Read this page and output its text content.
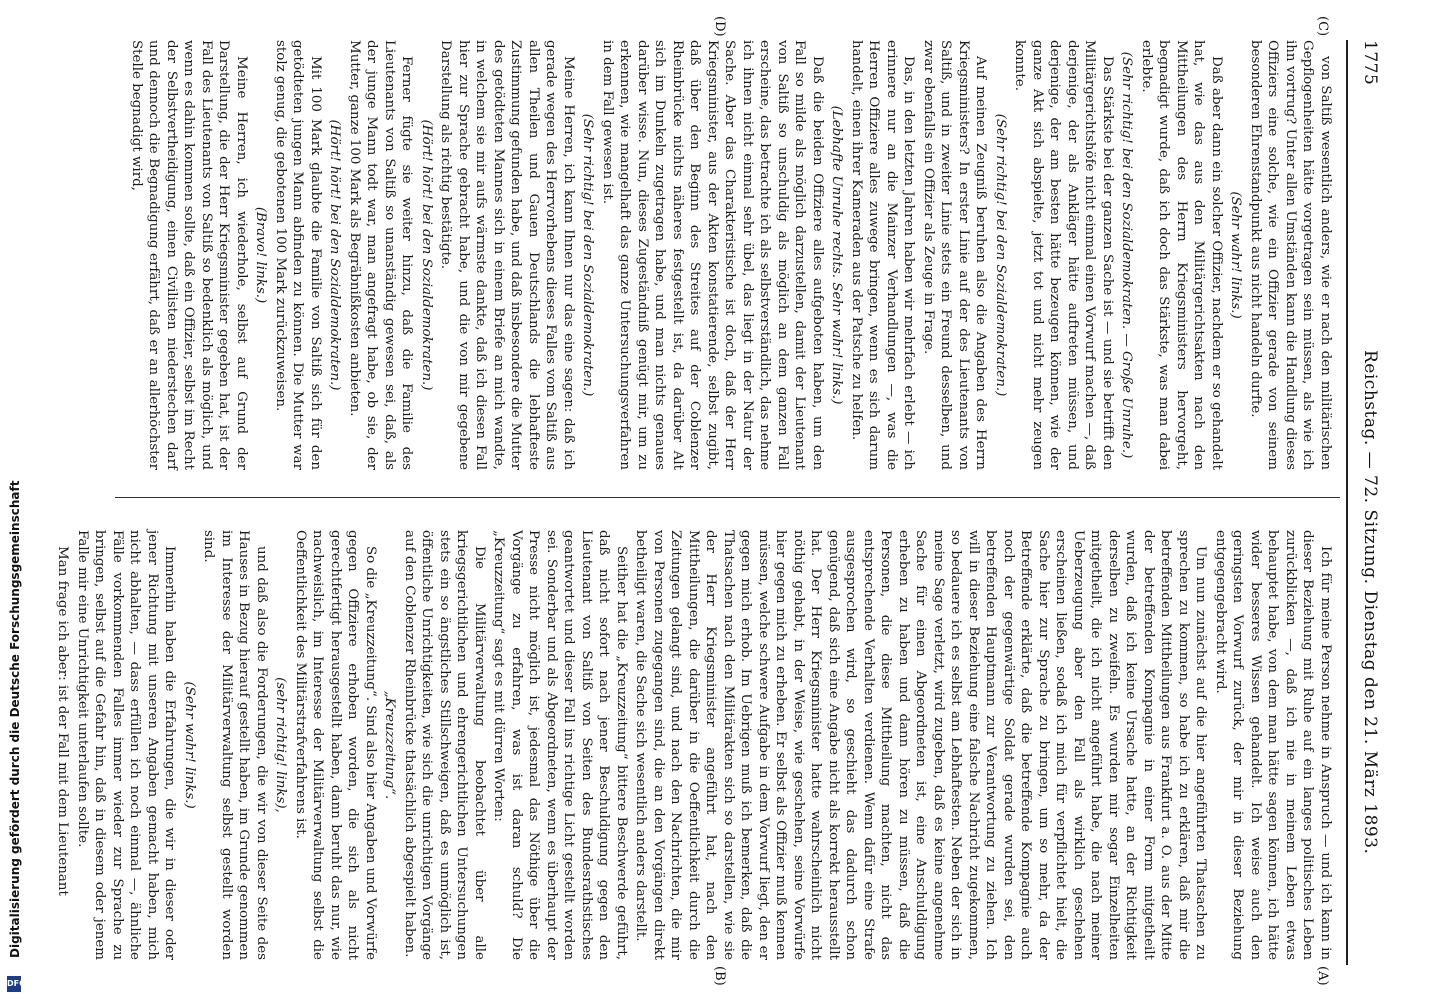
1775
Reichstag. — 72. Sitzung. Dienstag den 21. März 1893.
(C)
(D)
(A)
(B)

von Saltiß wesentlich anders, wie er nach den militärischen Gepflogenheiten hätte vorgetragen sein müssen, als wie ich ihn vortrug? Unter allen Umständen kann die Handlung dieses Offiziers eine solche, wie ein Offizier gerade von seinem besonderen Ehrenstandpunkt aus nicht handeln durfte.

(Sehr wahr! links.)

Daß aber dann ein solcher Offizier, nachdem er so gehandelt hat, wie das aus den Militärgerichtsakten nach den Mittheilungen des Herrn Kriegsministers hervorgeht, begnadigt wurde, daß ich doch das Stärkste, was man dabei erlebte.

(Sehr richtig! bei den Sozialdemokraten. — Große Unruhe.)

Das Stärkste bei der ganzen Sache ist — und sie betrifft den Militärgerichtshöfe nicht einmal einen Vorwurf machen —, daß derjenige, der als Ankläger hätte auftreten müssen, und derjenige, der am besten hätte bezeugen können, wie der ganze Akt sich abspielte, jetzt tot und nicht mehr zeugen konnte.

(Sehr richtig! bei den Sozialdemokraten.)

Auf meinen Zeugniß beruhen also die Angaben des Herrn Kriegsministers? In erster Linie auf der des Lieutenants von Saltiß, und in zweiter Linie stets ein Freund desselben, und zwar ebenfalls ein Offizier als Zeuge in Frage.

Das, in den letzten Jahren haben wir mehrfach erlebt — ich erinnere nur an die Mainzer Verhandlungen —, was die Herren Offiziere alles zuwege bringen, wenn es sich darum handelt, einen ihrer Kameraden aus der Patsche zu helfen.

(Lebhafte Unruhe rechts. Sehr wahr! links.)

Daß die beiden Offiziere alles aufgeboten haben, um den Fall so milde als möglich darzustellen, damit der Lieutenant von Saltiß so unschuldig als möglich an dem ganzen Fall erscheine, das betrachte ich als selbstverständlich, das nehme ich ihnen nicht einmal sehr übel, das liegt in der Natur der Sache. Aber das Charakteristische ist doch, daß der Herr Kriegsminister, aus der Akten konstatierende, selbst zugibt, daß über den Beginn des Streites auf der Coblenzer Rheinbrücke nichts näheres festgestellt ist, da darüber Alt sich im Dunkeln zugetragen habe, und man nichts genaues darüber wisse. Nun, dieses Zugeständniß genügt mir, um zu erkennen, wie mangelhaft das ganze Untersuchungsverfahren in dem Fall gewesen ist.

(Sehr richtig! bei den Sozialdemokraten.)

Meine Herren, ich kann Ihnen nur das eine sagen: daß ich gerade wegen des Herrvorhebens dieses Falles vom Saltiß aus allen Theilen und Gauen Deutschlands die lebhafteste Zustimmung gefunden habe, und daß insbesondere die Mutter des getödteten Mannes sich in einem Briefe an mich wandte, in welchem sie mir aufs wärmste dankte, daß ich diesen Fall hier zur Sprache gebracht habe, und die von mir gegebene Darstellung als richtig bestätigte.

(Hört! hört! bei den Sozialdemokraten.)

Ferner fügte sie weiter hinzu, daß die Familie des Lieutenants von Saltiß so unanständig gewesen sei, daß, als der junge Mann todt war, man angefragt habe, ob sie, der Mutter, ganze 100 Mark als Begräbnißkosten anbieten.

(Hört! hört! bei den Sozialdemokraten.)

Mit 100 Mark glaubte die Familie von Saltiß sich für den getödteten jungen Mann abfinden zu können. Die Mutter war stolz genug, die gebotenen 100 Mark zurückzuweisen.

(Bravo! links.)

Meine Herren, ich wiederhole, selbst auf Grund der Darstellung, die der Herr Kriegsminister gegeben hat, ist der Fall des Lieutenants von Saltiß so bedenklich als möglich, und wenn es dahin kommen sollte, daß ein Offizier, selbst im Recht der Selbstvertheidigung, einen Civilisten niederstechen darf und dennoch die Begnadigung erfährt, daß er an allerhöchster Stelle begnadigt wird,

Ich für meine Person nehme in Anspruch — und ich kann in dieser Beziehung mit Ruhe auf ein langes politisches Leben zurückblicken —, daß ich nie in meinem Leben etwas behauptet habe, von dem man hätte sagen können, ich hätte wider besseres Wissen gehandelt. Ich weise auch den geringsten Vorwurf zurück, der mir in dieser Beziehung entgegengebracht wird.

Um nun zunächst auf die hier angeführten Thatsachen zu sprechen zu kommen, so habe ich zu erklären, daß mir die betreffenden Mittheilungen aus Frankfurt a. O. aus der Mitte der betreffenden Kompagnie in einer Form mitgetheilt wurden, daß ich keine Ursache hatte, an der Richtigkeit derselben zu zweifeln. Es wurden mir sogar Einzelheiten mitgetheilt, die ich nicht angeführt habe, die nach meiner Ueberzeugung aber den Fall als wirklich geschehen erscheinen ließen, sodaß ich mich für verpflichtet hielt, die Sache hier zur Sprache zu bringen, um so mehr, da der Betreffende erklärte, daß die betreffende Kompagnie auch noch der gegenwärtige Soldat gerade wurden sei, den betreffenden Hauptmann zur Verantwortung zu ziehen. Ich will in dieser Beziehung eine falsche Nachricht zugekommen, so bedauere ich es selbst am Lebhaftesten. Neben der sich in meine Sage verletzt, wird zugeben, daß es keine angenehme Sache für einen Abgeordneten ist, eine Anschuldigung erheben zu haben und dann hören zu müssen, daß die Personen, die diese Mittheilung machten, nicht das entsprechende Verhalten verdienen. Wenn dafür eine Strafe ausgesprochen wird, so geschieht das dadurch schon genügend, daß sich eine Angabe nicht als korrekt herausstellt hat. Der Herr Kriegsminister hatte wahrscheinlich nicht nöthig gehabt, in der Weise, wie geschehen, seine Vorwürfe hier gegen mich zu erheben. Er selbst als Offizier muß kennen müssen, welche schwere Aufgabe in dem Vorwurf liegt, den er gegen mich erhob. Im Uebrigen muß ich bemerken, daß die Thatsachen nach den Militärakten sich so darstellen, wie sie der Herr Kriegsminister angeführt hat, nach den Mittheilungen, die darüber in die Oeffentlichkeit durch die Zeitungen gelangt sind, und nach den Nachrichten, die mir von Personen zugegangen sind, die an den Vorgängen direkt betheiligt waren, die Sache sich wesentlich anders darstellt.

Seither hat die „Kreuzzeitung“ bittere Beschwerde geführt, daß nicht sofort nach jener Beschuldigung gegen den Lieutenant von Saltiß von Seiten des Bundesrathstisches geantwortet und dieser Fall ins richtige Licht gestellt worden sei. Sonderbar und als Abgeordneten, wenn es überhaupt der Presse nicht möglich ist, jedesmal das Nöthige über die Vorgänge zu erfahren, was ist daran schuld? Die „Kreuzzeitung“ sagt es mit dürren Worten:

Die Militärverwaltung beobachtet über alle kriegsgerichtlichen und ehrengerichtlichen Untersuchungen stets ein so ängstliches Stillschweigen, daß es unmöglich ist, öffentliche Unrichtigkeiten, wie sich die unrichtigen Vorgänge auf den Coblenzer Rheinbrücke thatsächlich abgespielt haben.

„Kreuzzeitung“.

So die „Kreuzzeitung“. Sind also hier Angaben und Vorwürfe gegen Offiziere erhoben worden, die sich als nicht gerechtfertigt herausgestellt haben, dann beruht das nur, wie nachweislich, im Interesse der Militärverwaltung selbst die Oeffentlichkeit des Militärstrafverfahrens ist.

(sehr richtig! links),

und daß also die Forderungen, die wir von dieser Seite des Hauses in Bezug hierauf gestellt haben, im Grunde genommen im Interesse der Militärverwaltung selbst gestellt worden sind.

(Sehr wahr! links.)

Immerhin haben die Erfahrungen, die wir in dieser oder jener Richtung mit unseren Angaben gemacht haben, mich nicht abhalten, — dass erfüllen ich noch einmal —, ähnliche Fälle vorkommenden Falles immer wieder zur Sprache zu bringen, selbst auf die Gefahr hin, daß in diesem oder jenem Falle mir eine Unrichtigkeit unterlaufen sollte.

Man frage ich aber: ist der Fall mit dem Lieutenant

Digitalisierung gefördert durch die Deutsche Forschungsgemeinschaft
DFG
